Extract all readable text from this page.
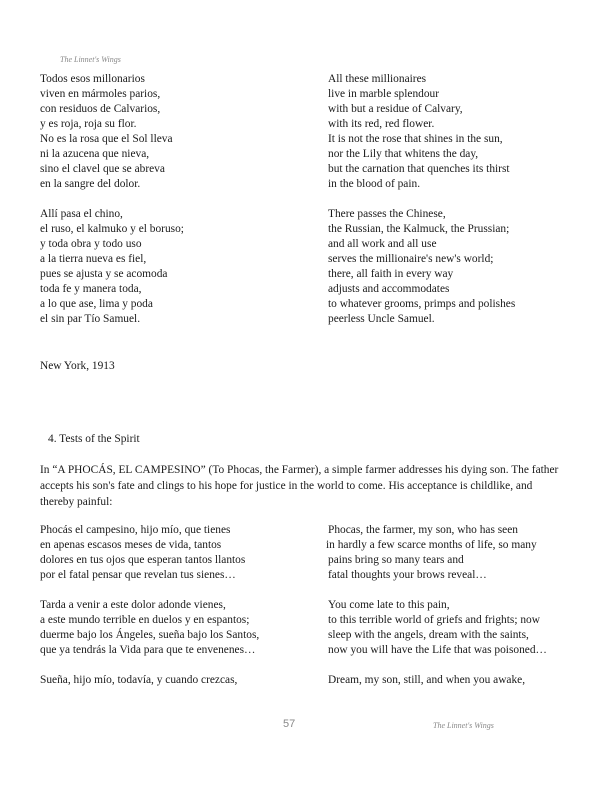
The Linnet's Wings
Todos esos millonarios
viven en mármoles parios,
con residuos de Calvarios,
y es roja, roja su flor.
No es la rosa que el Sol lleva
ni la azucena que nieva,
sino el clavel que se abreva
en la sangre del dolor.
Allí pasa el chino,
el ruso, el kalmuko y el boruso;
y toda obra y todo uso
a la tierra nueva es fiel,
pues se ajusta y se acomoda
toda fe y manera toda,
a lo que ase, lima y poda
el sin par Tío Samuel.
All these millionaires
live in marble splendour
with but a residue of Calvary,
with its red, red flower.
It is not the rose that shines in the sun,
nor the Lily that whitens the day,
but the carnation that quenches its thirst
in the blood of pain.
There passes the Chinese,
the Russian, the Kalmuck, the Prussian;
and all work and all use
serves the millionaire's new's world;
there, all faith in every way
adjusts and accommodates
to whatever grooms, primps and polishes
peerless Uncle Samuel.
New York, 1913
4. Tests of the Spirit
In “A PHOCÁS, EL CAMPESINO” (To Phocas, the Farmer), a simple farmer addresses his dying son. The father accepts his son's fate and clings to his hope for justice in the world to come. His acceptance is childlike, and thereby painful:
Phocás el campesino, hijo mío, que tienes
en apenas escasos meses de vida, tantos
dolores en tus ojos que esperan tantos llantos
por el fatal pensar que revelan tus sienes…
Tarda a venir a este dolor adonde vienes,
a este mundo terrible en duelos y en espantos;
duerme bajo los Ángeles, sueña bajo los Santos,
que ya tendrás la Vida para que te envenenes…
Sueña, hijo mío, todavía, y cuando crezcas,
Phocas, the farmer, my son, who has seen
in hardly a few scarce months of life, so many
pains bring so many tears and
fatal thoughts your brows reveal…
You come late to this pain,
to this terrible world of griefs and frights; now
sleep with the angels, dream with the saints,
now you will have the Life that was poisoned…
Dream, my son, still, and when you awake,
57	The Linnet's Wings
